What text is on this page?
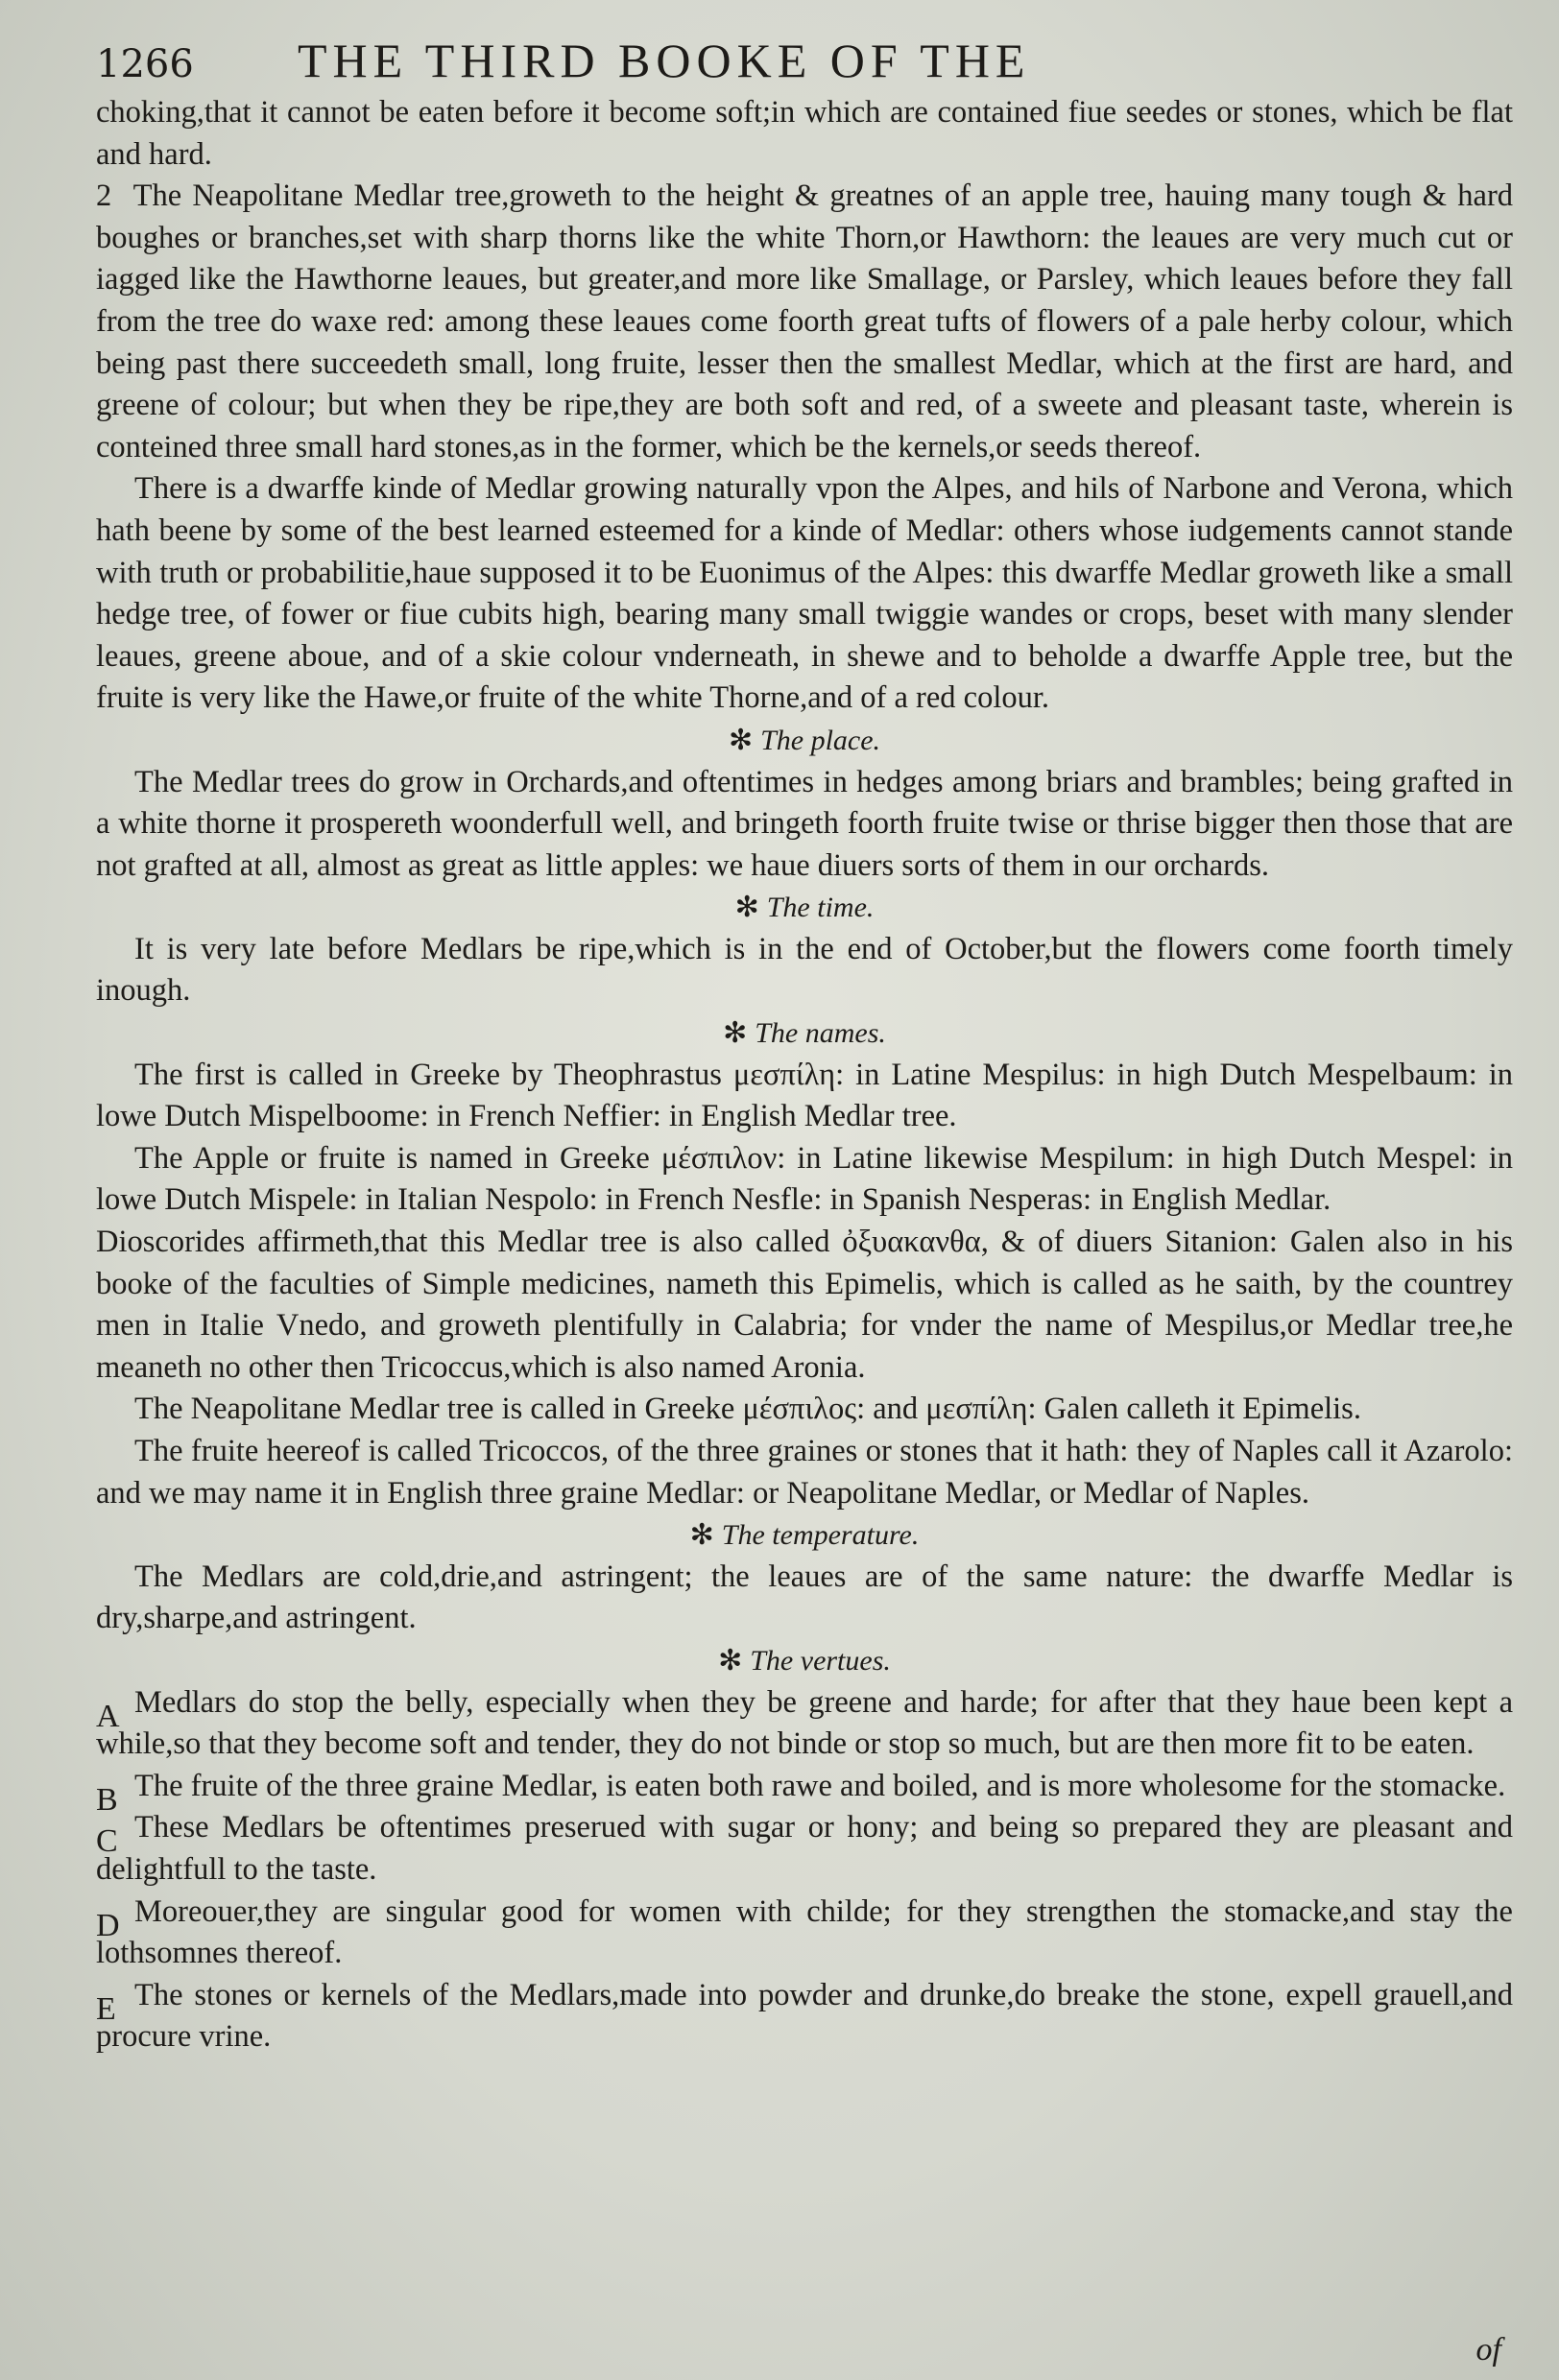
1266	THE THIRD BOOKE OF THE

choking,that it cannot be eaten before it become soft;in which are contained fiue seedes or stones, which be flat and hard.

2 The Neapolitane Medlar tree,groweth to the height & greatnes of an apple tree, hauing many tough & hard boughes or branches,set with sharp thorns like the white Thorn,or Hawthorn: the leaues are very much cut or iagged like the Hawthorne leaues, but greater,and more like Smallage, or Parsley, which leaues before they fall from the tree do waxe red: among these leaues come foorth great tufts of flowers of a pale herby colour, which being past there succeedeth small, long fruite, lesser then the smallest Medlar, which at the first are hard, and greene of colour; but when they be ripe,they are both soft and red, of a sweete and pleasant taste, wherein is conteined three small hard stones,as in the former, which be the kernels,or seeds thereof.

There is a dwarffe kinde of Medlar growing naturally vpon the Alpes, and hils of Narbone and Verona, which hath beene by some of the best learned esteemed for a kinde of Medlar: others whose iudgements cannot stande with truth or probabilitie,haue supposed it to be Euonimus of the Alpes: this dwarffe Medlar groweth like a small hedge tree, of fower or fiue cubits high, bearing many small twiggie wandes or crops, beset with many slender leaues, greene aboue, and of a skie colour vnderneath, in shewe and to beholde a dwarffe Apple tree, but the fruite is very like the Hawe,or fruite of the white Thorne,and of a red colour.

✻ The place.

The Medlar trees do grow in Orchards,and oftentimes in hedges among briars and brambles; being grafted in a white thorne it prospereth woonderfull well, and bringeth foorth fruite twise or thrise bigger then those that are not grafted at all, almost as great as little apples: we haue diuers sorts of them in our orchards.

✻ The time.

It is very late before Medlars be ripe,which is in the end of October,but the flowers come foorth timely inough.

✻ The names.

The first is called in Greeke by Theophrastus μεσπίλη: in Latine Mespilus: in high Dutch Mespelbaum: in lowe Dutch Mispelboome: in French Neffier: in English Medlar tree.

The Apple or fruite is named in Greeke μέσπιλον: in Latine likewise Mespilum: in high Dutch Mespel: in lowe Dutch Mispele: in Italian Nespolo: in French Nesfle: in Spanish Nesperas: in English Medlar.

Dioscorides affirmeth,that this Medlar tree is also called ὀξυακανθα, & of diuers Sitanion: Galen also in his booke of the faculties of Simple medicines, nameth this Epimelis, which is called as he saith, by the countrey men in Italie Vnedo, and groweth plentifully in Calabria; for vnder the name of Mespilus,or Medlar tree,he meaneth no other then Tricoccus,which is also named Aronia.

The Neapolitane Medlar tree is called in Greeke μέσπιλος: and μεσπίλη: Galen calleth it Epimelis.

The fruite heereof is called Tricoccos, of the three graines or stones that it hath: they of Naples call it Azarolo: and we may name it in English three graine Medlar: or Neapolitane Medlar, or Medlar of Naples.

✻ The temperature.

The Medlars are cold,drie,and astringent; the leaues are of the same nature: the dwarffe Medlar is dry,sharpe,and astringent.

✻ The vertues.

A Medlars do stop the belly, especially when they be greene and harde; for after that they haue been kept a while,so that they become soft and tender, they do not binde or stop so much, but are then more fit to be eaten.

B The fruite of the three graine Medlar, is eaten both rawe and boiled, and is more wholesome for the stomacke.

C These Medlars be oftentimes preserued with sugar or hony; and being so prepared they are pleasant and delightfull to the taste.

D Moreouer,they are singular good for women with childe; for they strengthen the stomacke,and stay the lothsomnes thereof.

E The stones or kernels of the Medlars,made into powder and drunke,do breake the stone, expell grauell,and procure vrine.

of
